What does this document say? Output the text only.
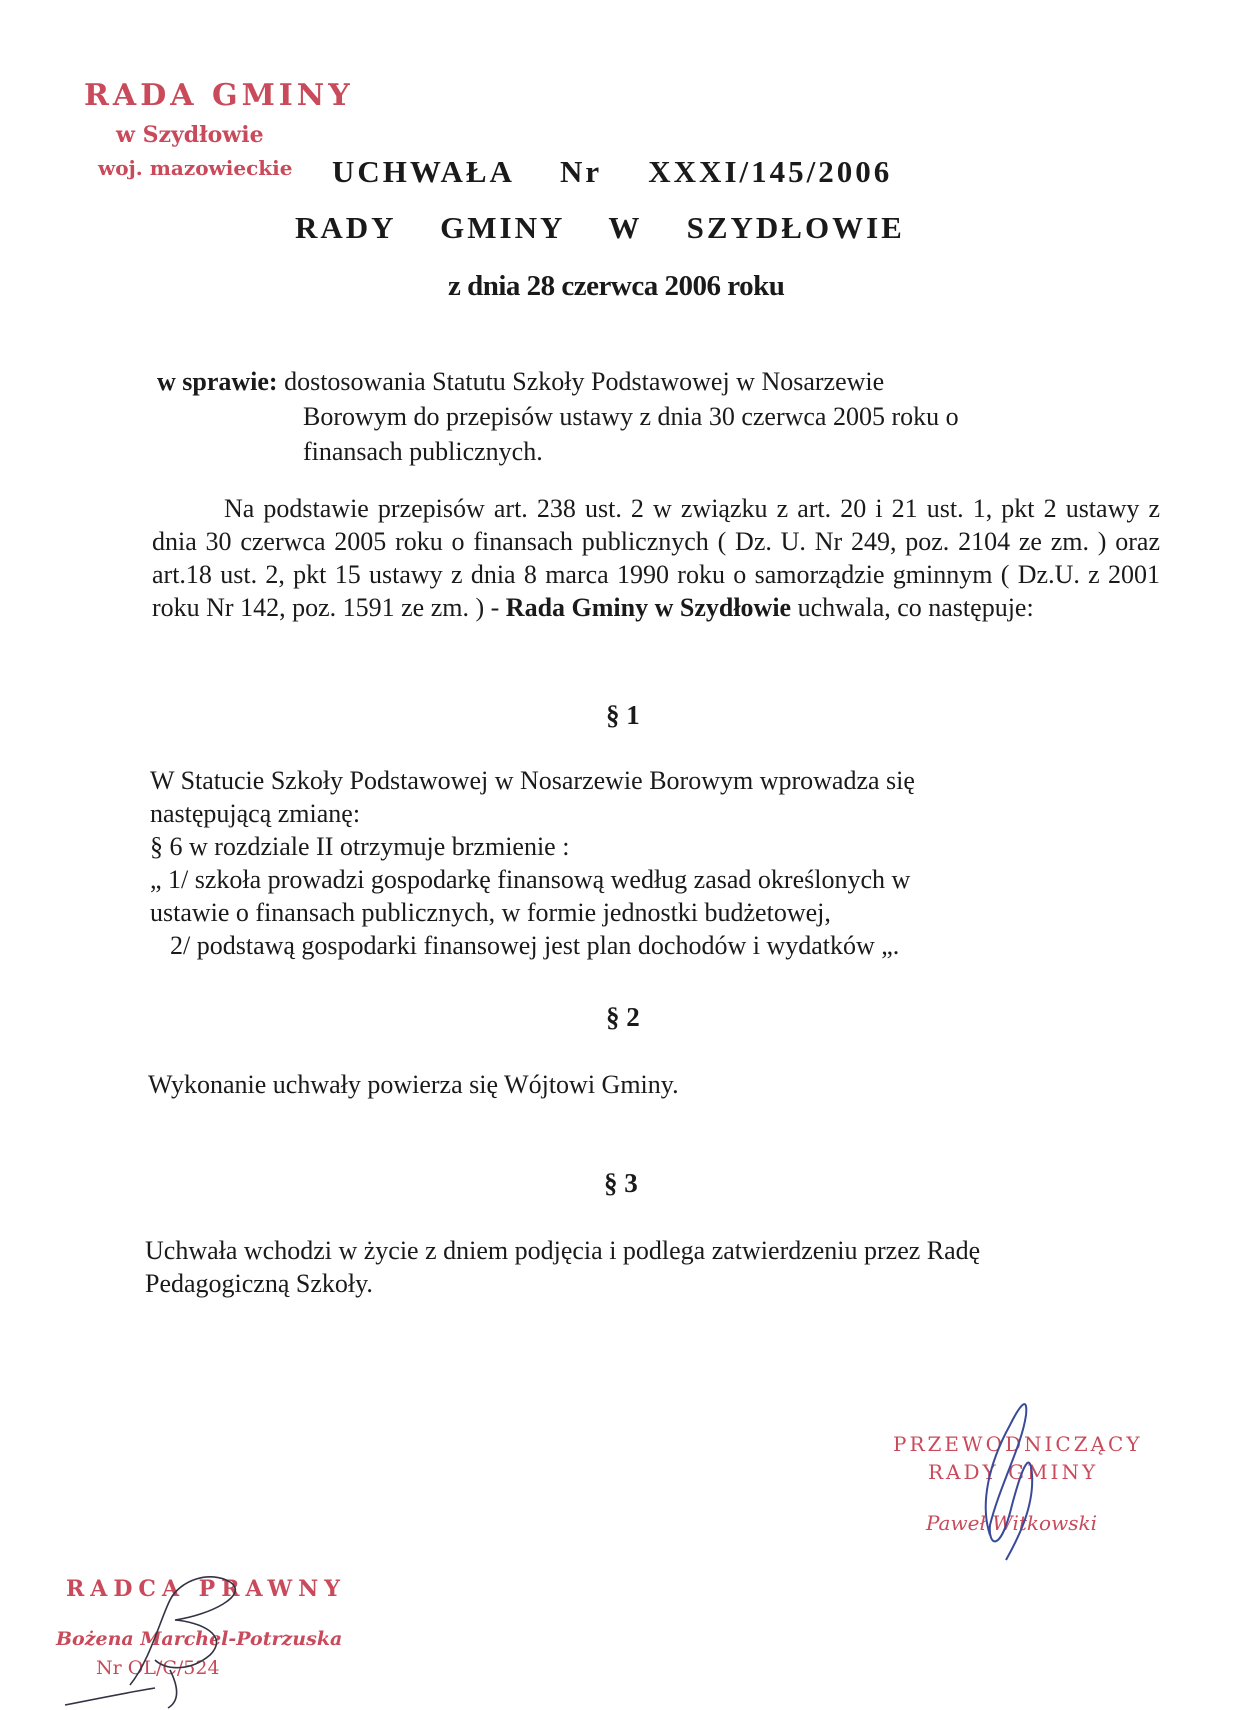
RADA GMINY
w Szydłowie
woj. mazowieckie UCHWAŁA Nr XXXI/145/2006
RADY GMINY W SZYDŁOWIE
z dnia 28 czerwca 2006 roku
w sprawie: dostosowania Statutu Szkoły Podstawowej w Nosarzewie
Borowym do przepisów ustawy z dnia 30 czerwca 2005 roku o
finansach publicznych.
Na podstawie przepisów art. 238 ust. 2 w związku z art. 20 i 21 ust. 1, pkt 2 ustawy z dnia 30 czerwca 2005 roku o finansach publicznych ( Dz. U. Nr 249, poz. 2104 ze zm. ) oraz art.18 ust. 2, pkt 15 ustawy z dnia 8 marca 1990 roku o samorządzie gminnym ( Dz.U. z 2001 roku Nr 142, poz. 1591 ze zm. ) - Rada Gminy w Szydłowie uchwala, co następuje:
§ 1
W Statucie Szkoły Podstawowej w Nosarzewie Borowym wprowadza się
następującą zmianę:
§ 6 w rozdziale II otrzymuje brzmienie :
„ 1/ szkoła prowadzi gospodarkę finansową według zasad określonych w
ustawie o finansach publicznych, w formie jednostki budżetowej,
2/ podstawą gospodarki finansowej jest plan dochodów i wydatków „.
§ 2
Wykonanie uchwały powierza się Wójtowi Gminy.
§ 3
Uchwała wchodzi w życie z dniem podjęcia i podlega zatwierdzeniu przez Radę
Pedagogiczną Szkoły.
PRZEWODNICZĄCY
RADY GMINY
Paweł Witkowski
RADCA PRAWNY
Bożena Marchel-Potrzuska
Nr OL/C/524
